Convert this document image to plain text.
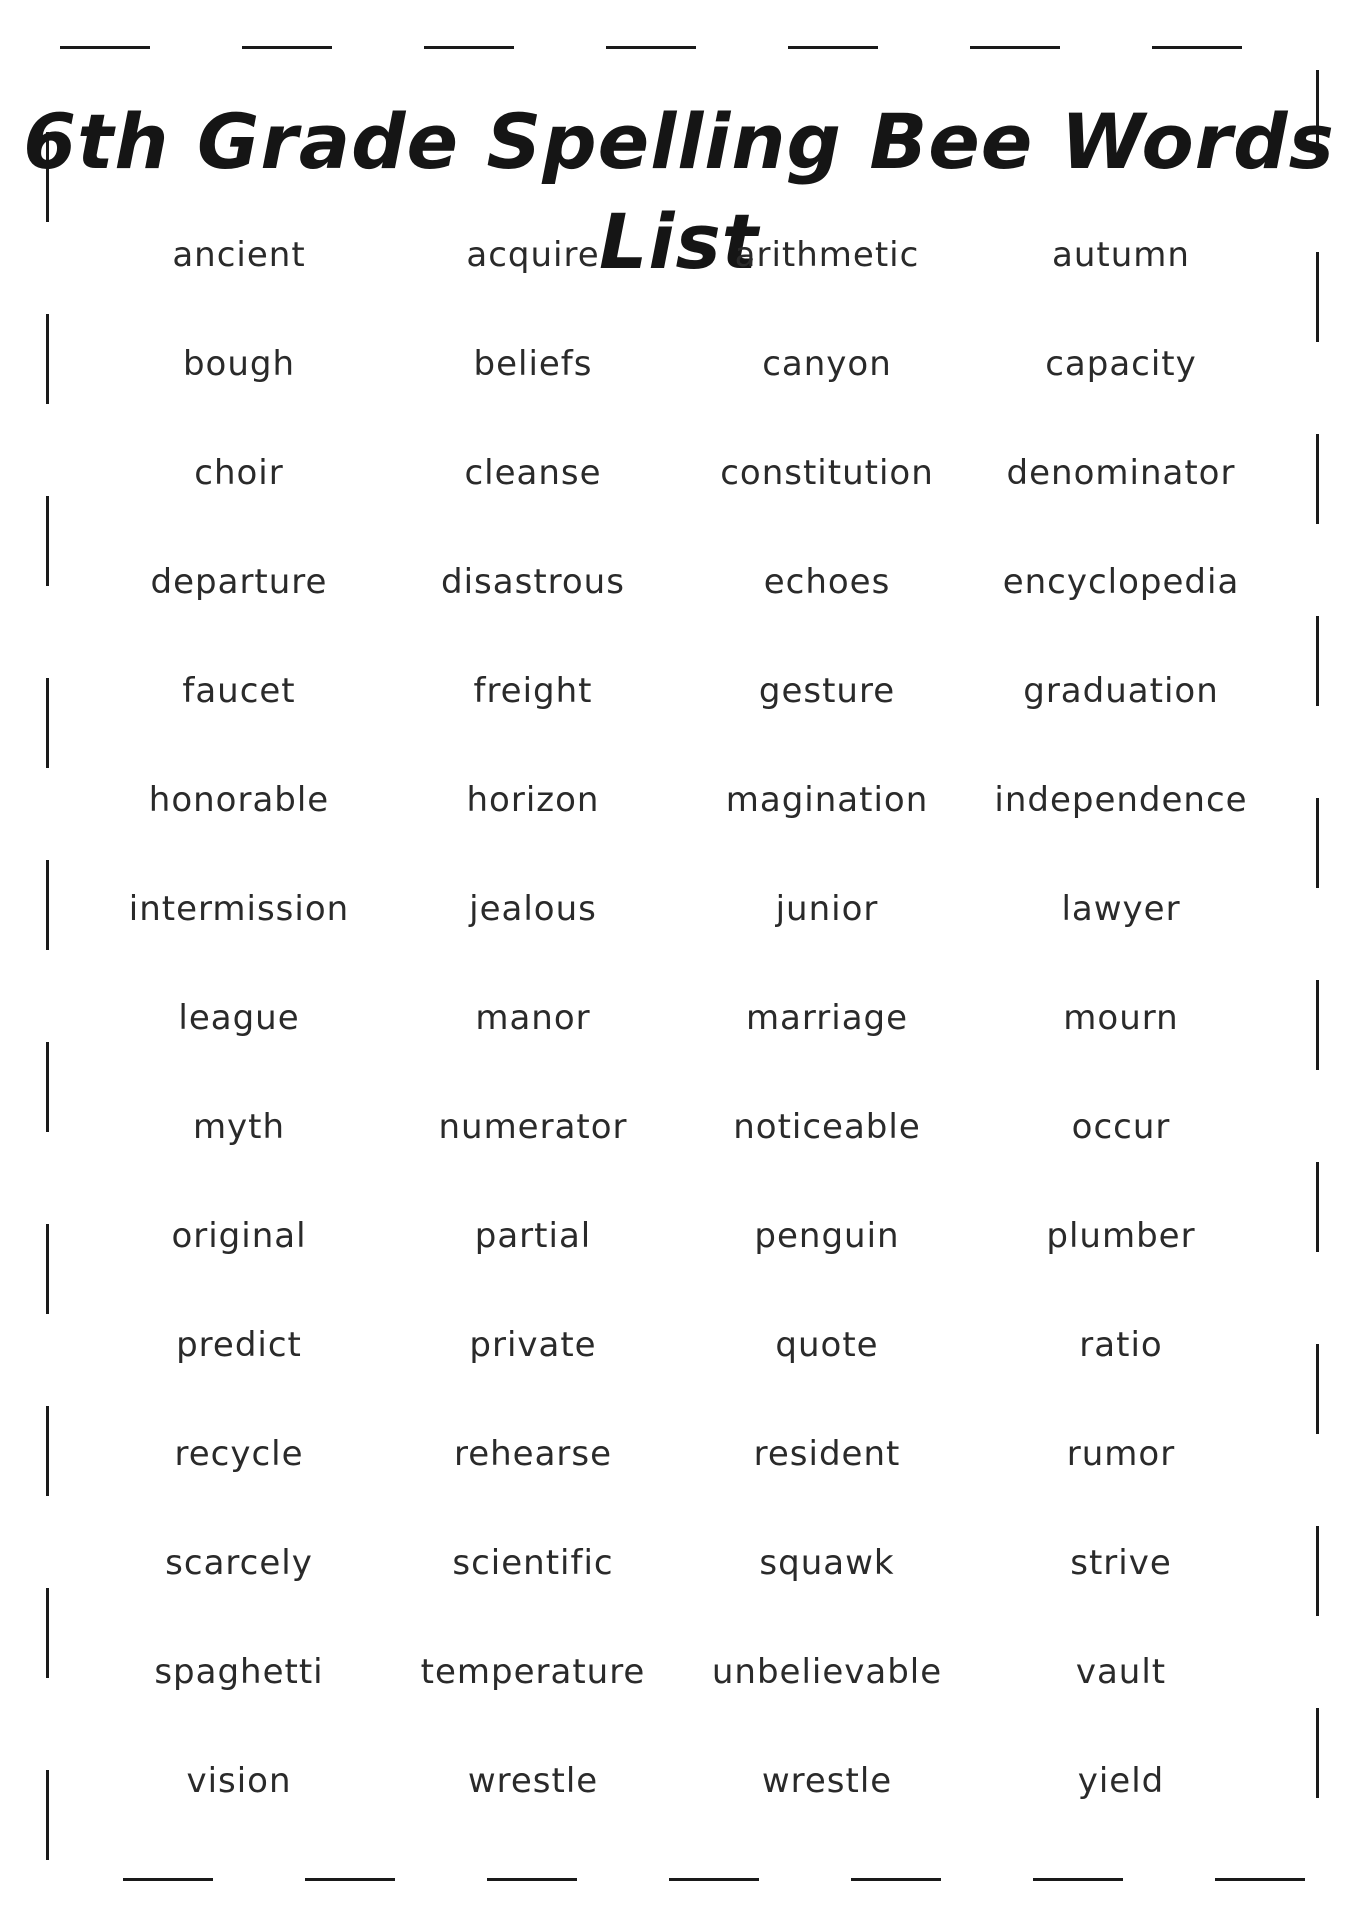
6th Grade Spelling Bee Words List
ancient	acquire	arithmetic	autumn
bough	beliefs	canyon	capacity
choir	cleanse	constitution	denominator
departure	disastrous	echoes	encyclopedia
faucet	freight	gesture	graduation
honorable	horizon	magination	independence
intermission	jealous	junior	lawyer
league	manor	marriage	mourn
myth	numerator	noticeable	occur
original	partial	penguin	plumber
predict	private	quote	ratio
recycle	rehearse	resident	rumor
scarcely	scientific	squawk	strive
spaghetti	temperature	unbelievable	vault
vision	wrestle	wrestle	yield
